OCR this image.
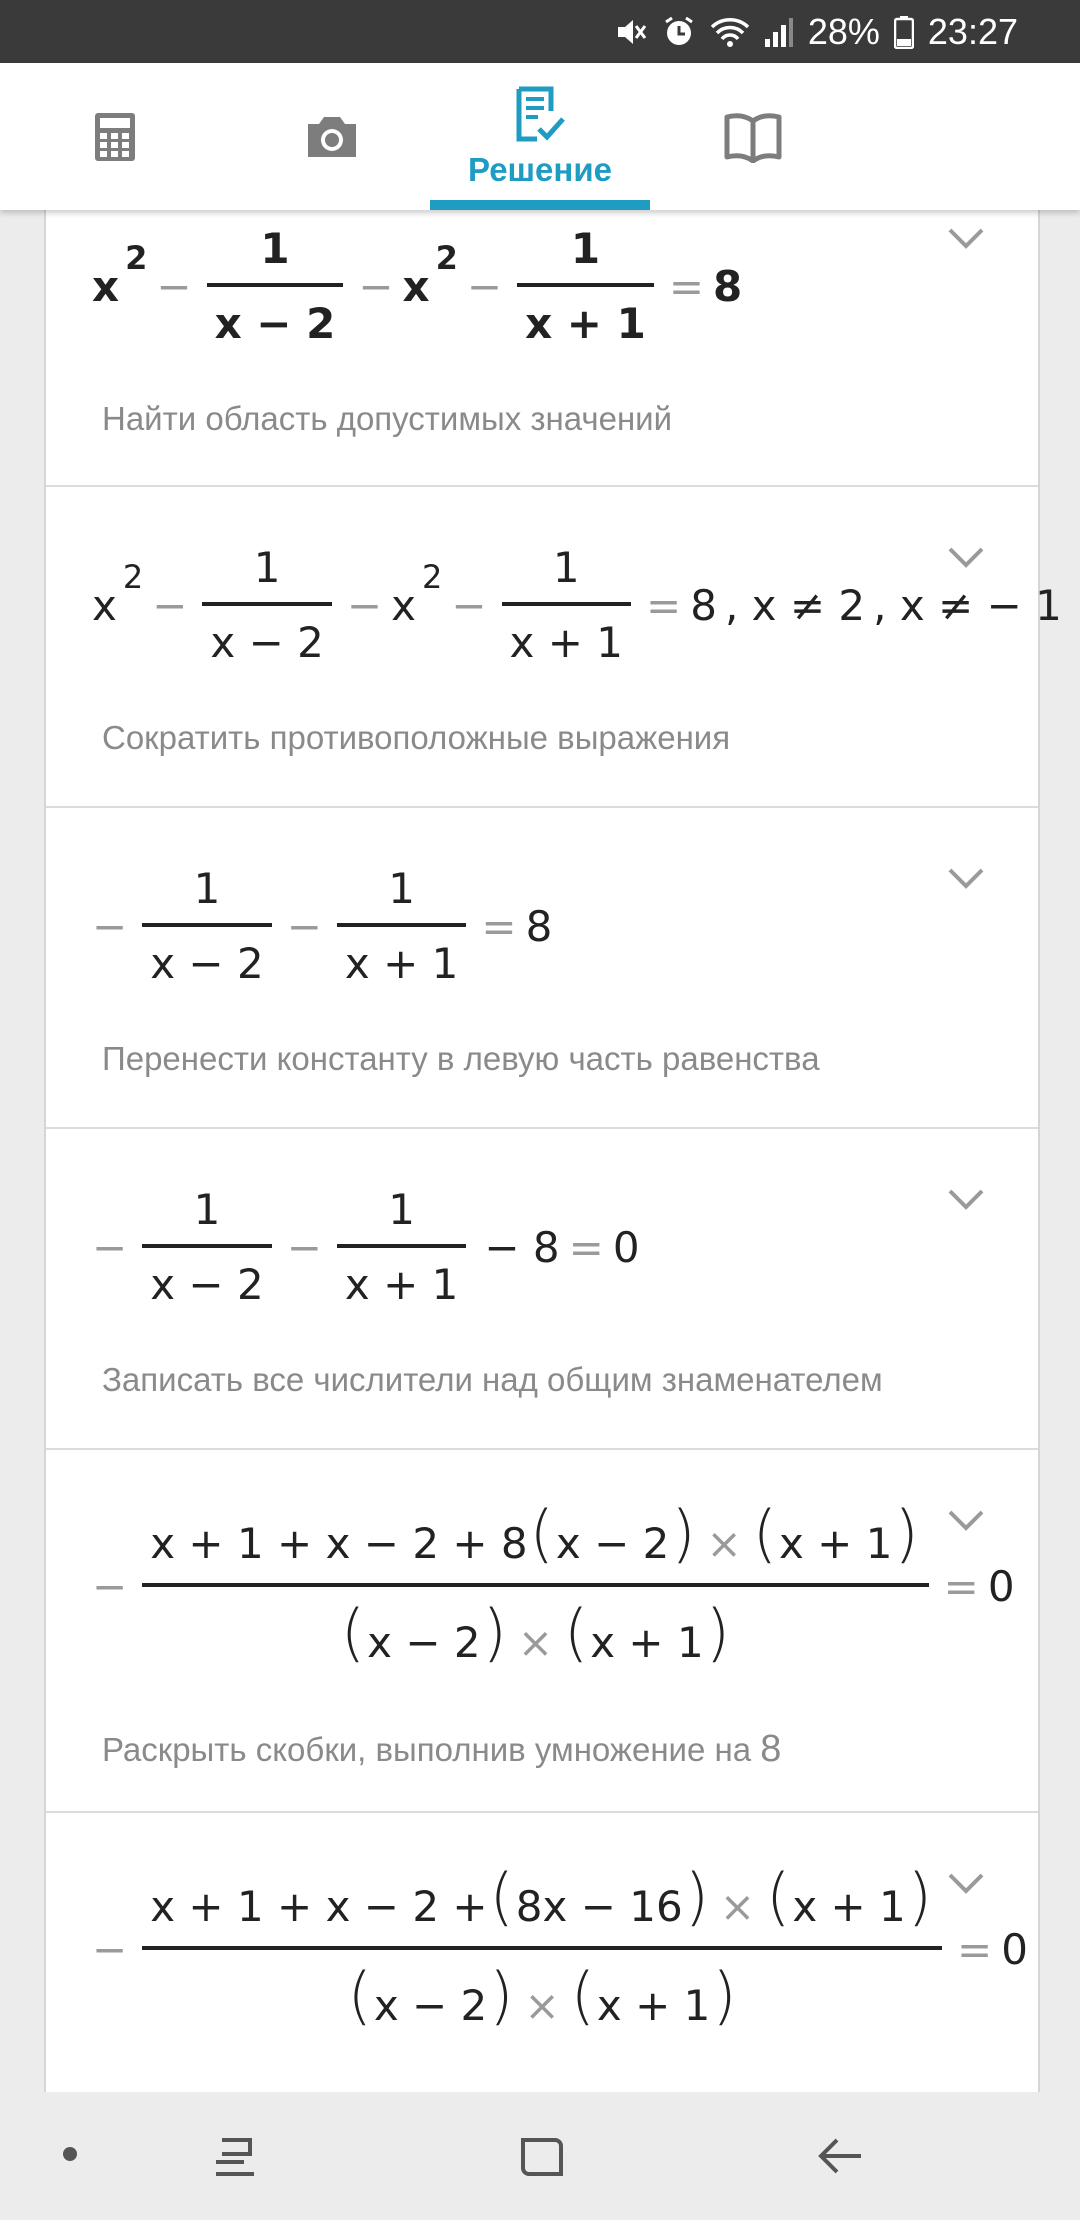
28% 23:27
Решение
x
2
− $\frac{1}{x - 2} - x$
2
− $\frac{1}{x + 1} = 8$
Найти область допустимых значений
x
2
− $\frac{1}{x - 2} - x$
2
− $\frac{1}{x + 1} = 8$ , x ≠ 2 , x ≠ − 1
Сократить противоположные выражения
− $\frac{1}{x - 2} - \frac{1}{x + 1} = 8$
Перенести константу в левую часть равенства
− $\frac{1}{x - 2} - \frac{1}{x + 1} - 8 = 0$
Записать все числители над общим знаменателем
− $\frac{x + 1 + x - 2 + 8(x - 2) \times (x + 1)}{(x - 2) \times (x + 1)} = 0$
Раскрыть скобки, выполнив умножение на 8
− $\frac{x + 1 + x - 2 +(8x - 16) \times (x + 1)}{(x - 2) \times (x + 1)} = 0$
